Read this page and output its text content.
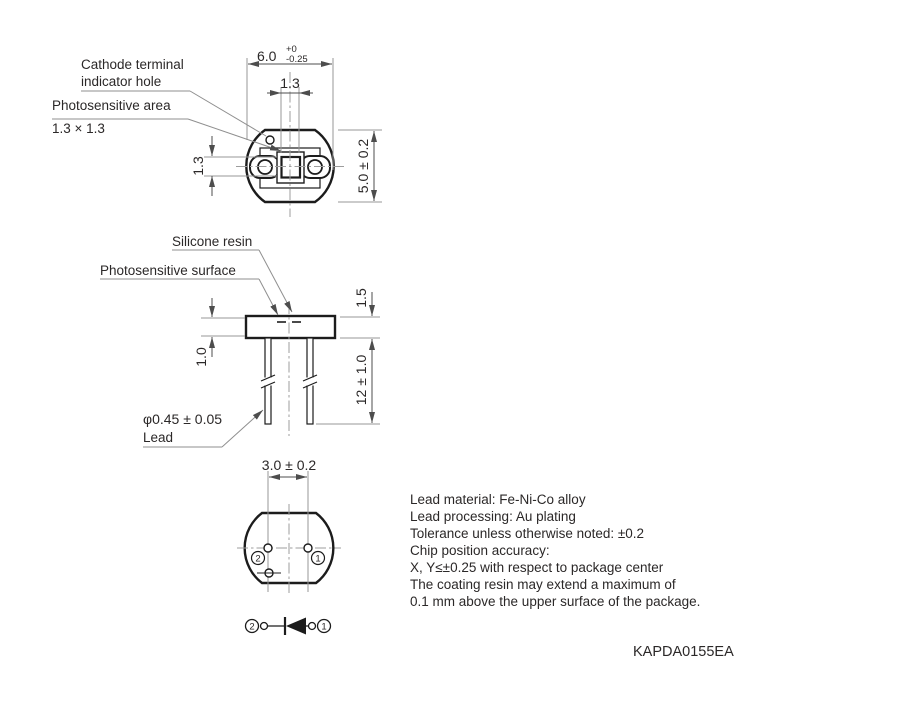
6.0 +0
-0.25
1.3
1.3	5.0 ± 0.2
Cathode terminal
indicator hole
Photosensitive area
1.3 × 1.3
1.5
1.0	12 ± 1.0
Silicone resin
Photosensitive surface
φ0.45 ± 0.05
Lead
2	1
3.0 ± 0.2
2	1
Lead material: Fe-Ni-Co alloy
Lead processing: Au plating
Tolerance unless otherwise noted: ±0.2
Chip position accuracy:
X, Y≤±0.25 with respect to package center
The coating resin may extend a maximum of
0.1 mm above the upper surface of the package.
KAPDA0155EA
